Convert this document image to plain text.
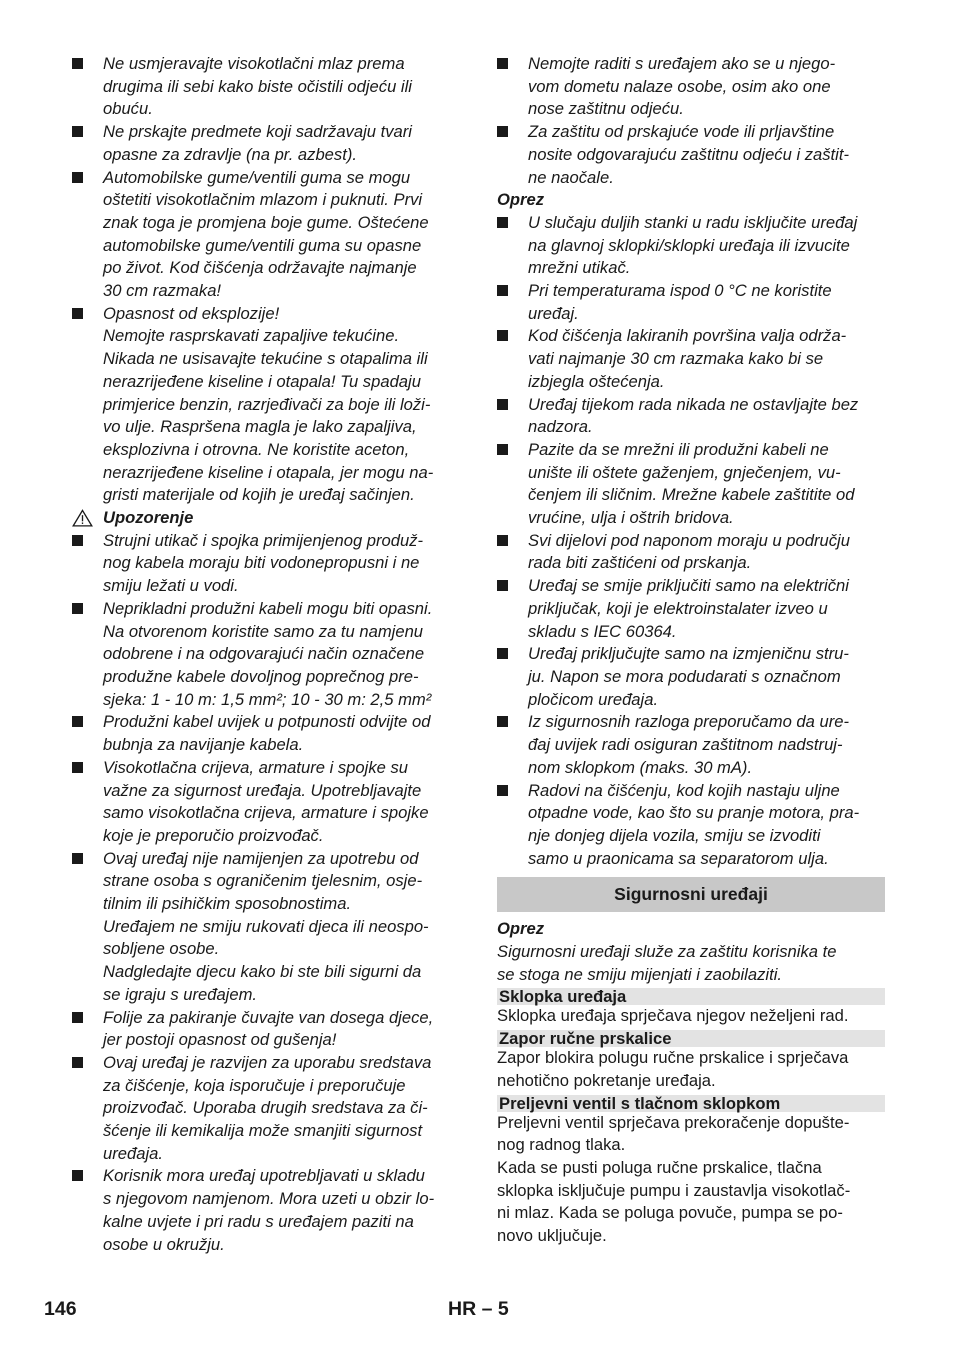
Ne usmjeravajte visokotlačni mlaz prema
drugima ili sebi kako biste očistili odjeću ili
obuću.
Ne prskajte predmete koji sadržavaju tvari
opasne za zdravlje (na pr. azbest).
Automobilske gume/ventili guma se mogu
oštetiti visokotlačnim mlazom i puknuti. Prvi
znak toga je promjena boje gume. Oštećene
automobilske gume/ventili guma su opasne
po život. Kod čišćenja održavajte najmanje
30 cm razmaka!
Opasnost od eksplozije!
Nemojte rasprskavati zapaljive tekućine.
Nikada ne usisavajte tekućine s otapalima ili
nerazrijeđene kiseline i otapala! Tu spadaju
primjerice benzin, razrjeđivači za boje ili loži-
vo ulje. Raspršena magla je lako zapaljiva,
eksplozivna i otrovna. Ne koristite aceton,
nerazrijeđene kiseline i otapala, jer mogu na-
gristi materijale od kojih je uređaj sačinjen.
Upozorenje
Strujni utikač i spojka primijenjenog produž-
nog kabela moraju biti vodonepropusni i ne
smiju ležati u vodi.
Neprikladni produžni kabeli mogu biti opasni.
Na otvorenom koristite samo za tu namjenu
odobrene i na odgovarajući način označene
produžne kabele dovoljnog poprečnog pre-
sjeka: 1 - 10 m: 1,5 mm²; 10 - 30 m: 2,5 mm²
Produžni kabel uvijek u potpunosti odvijte od
bubnja za navijanje kabela.
Visokotlačna crijeva, armature i spojke su
važne za sigurnost uređaja. Upotrebljavajte
samo visokotlačna crijeva, armature i spojke
koje je preporučio proizvođač.
Ovaj uređaj nije namijenjen za upotrebu od
strane osoba s ograničenim tjelesnim, osje-
tilnim ili psihičkim sposobnostima.
Uređajem ne smiju rukovati djeca ili neospo-
sobljene osobe.
Nadgledajte djecu kako bi ste bili sigurni da
se igraju s uređajem.
Folije za pakiranje čuvajte van dosega djece,
jer postoji opasnost od gušenja!
Ovaj uređaj je razvijen za uporabu sredstava
za čišćenje, koja isporučuje i preporučuje
proizvođač. Uporaba drugih sredstava za či-
šćenje ili kemikalija može smanjiti sigurnost
uređaja.
Korisnik mora uređaj upotrebljavati u skladu
s njegovom namjenom. Mora uzeti u obzir lo-
kalne uvjete i pri radu s uređajem paziti na
osobe u okružju.
Nemojte raditi s uređajem ako se u njego-
vom dometu nalaze osobe, osim ako one
nose zaštitnu odjeću.
Za zaštitu od prskajuće vode ili prljavštine
nosite odgovarajuću zaštitnu odjeću i zaštit-
ne naočale.
Oprez
U slučaju duljih stanki u radu isključite uređaj
na glavnoj sklopki/sklopki uređaja ili izvucite
mrežni utikač.
Pri temperaturama ispod 0 °C ne koristite
uređaj.
Kod čišćenja lakiranih površina valja održa-
vati najmanje 30 cm razmaka kako bi se
izbjegla oštećenja.
Uređaj tijekom rada nikada ne ostavljajte bez
nadzora.
Pazite da se mrežni ili produžni kabeli ne
unište ili oštete gaženjem, gnječenjem, vu-
čenjem ili sličnim. Mrežne kabele zaštitite od
vrućine, ulja i oštrih bridova.
Svi dijelovi pod naponom moraju u području
rada biti zaštićeni od prskanja.
Uređaj se smije priključiti samo na električni
priključak, koji je elektroinstalater izveo u
skladu s IEC 60364.
Uređaj priključujte samo na izmjeničnu stru-
ju. Napon se mora podudarati s označnom
pločicom uređaja.
Iz sigurnosnih razloga preporučamo da ure-
đaj uvijek radi osiguran zaštitnom nadstruj-
nom sklopkom (maks. 30 mA).
Radovi na čišćenju, kod kojih nastaju uljne
otpadne vode, kao što su pranje motora, pra-
nje donjeg dijela vozila, smiju se izvoditi
samo u praonicama sa separatorom ulja.
Sigurnosni uređaji
Oprez
Sigurnosni uređaji služe za zaštitu korisnika te
se stoga ne smiju mijenjati i zaobilaziti.
Sklopka uređaja
Sklopka uređaja sprječava njegov neželjeni rad.
Zapor ručne prskalice
Zapor blokira polugu ručne prskalice i sprječava
nehotično pokretanje uređaja.
Preljevni ventil s tlačnom sklopkom
Preljevni ventil sprječava prekoračenje dopušte-
nog radnog tlaka.
Kada se pusti poluga ručne prskalice, tlačna
sklopka isključuje pumpu i zaustavlja visokotlač-
ni mlaz. Kada se poluga povuče, pumpa se po-
novo uključuje.
146	HR – 5
